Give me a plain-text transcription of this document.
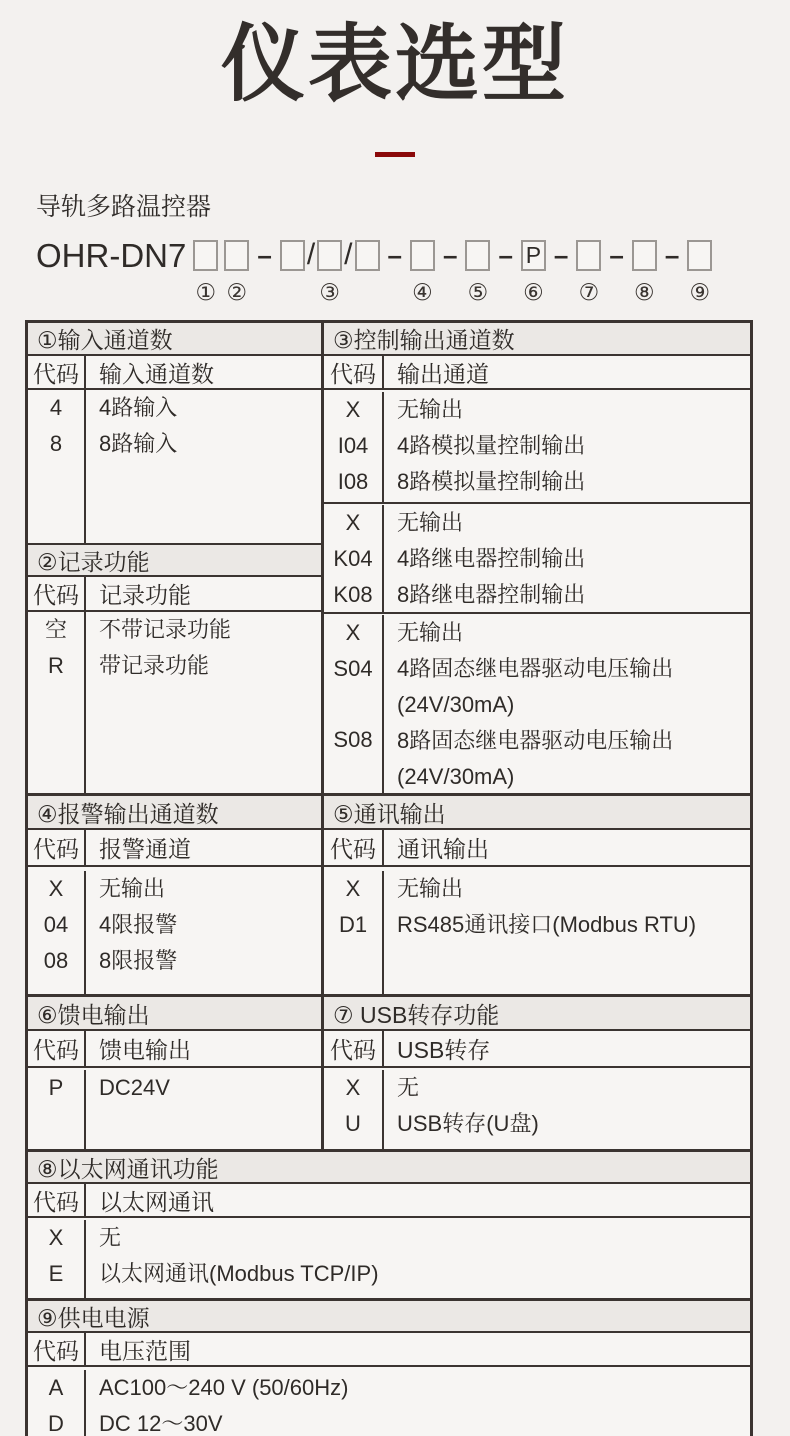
仪表选型
导轨多路温控器
OHR-DN7
① ②
– / /
③
–
④
–
⑤
– P
⑥
–
⑦
–
⑧
–
⑨
①输入通道数
代码 输入通道数
4
8
4路输入
8路输入
②记录功能
代码 记录功能
空
R
不带记录功能
带记录功能
③控制输出通道数
代码 输出通道
X
I04
I08
无输出
4路模拟量控制输出
8路模拟量控制输出
X
K04
K08
无输出
4路继电器控制输出
8路继电器控制输出
X
S04
S08
无输出
4路固态继电器驱动电压输出
(24V/30mA)
8路固态继电器驱动电压输出
(24V/30mA)
④报警输出通道数
代码 报警通道
X
04
08
无输出
4限报警
8限报警
⑤通讯输出
代码 通讯输出
X
D1
无输出
RS485通讯接口(Modbus RTU)
⑥馈电输出
代码 馈电输出
P DC24V
⑦ USB转存功能
代码 USB转存
X
U
无
USB转存(U盘)
⑧以太网通讯功能
代码 以太网通讯
X
E
无
以太网通讯(Modbus TCP/IP)
⑨供电电源
代码 电压范围
A
D
AC100～240 V (50/60Hz)
DC 12～30V
